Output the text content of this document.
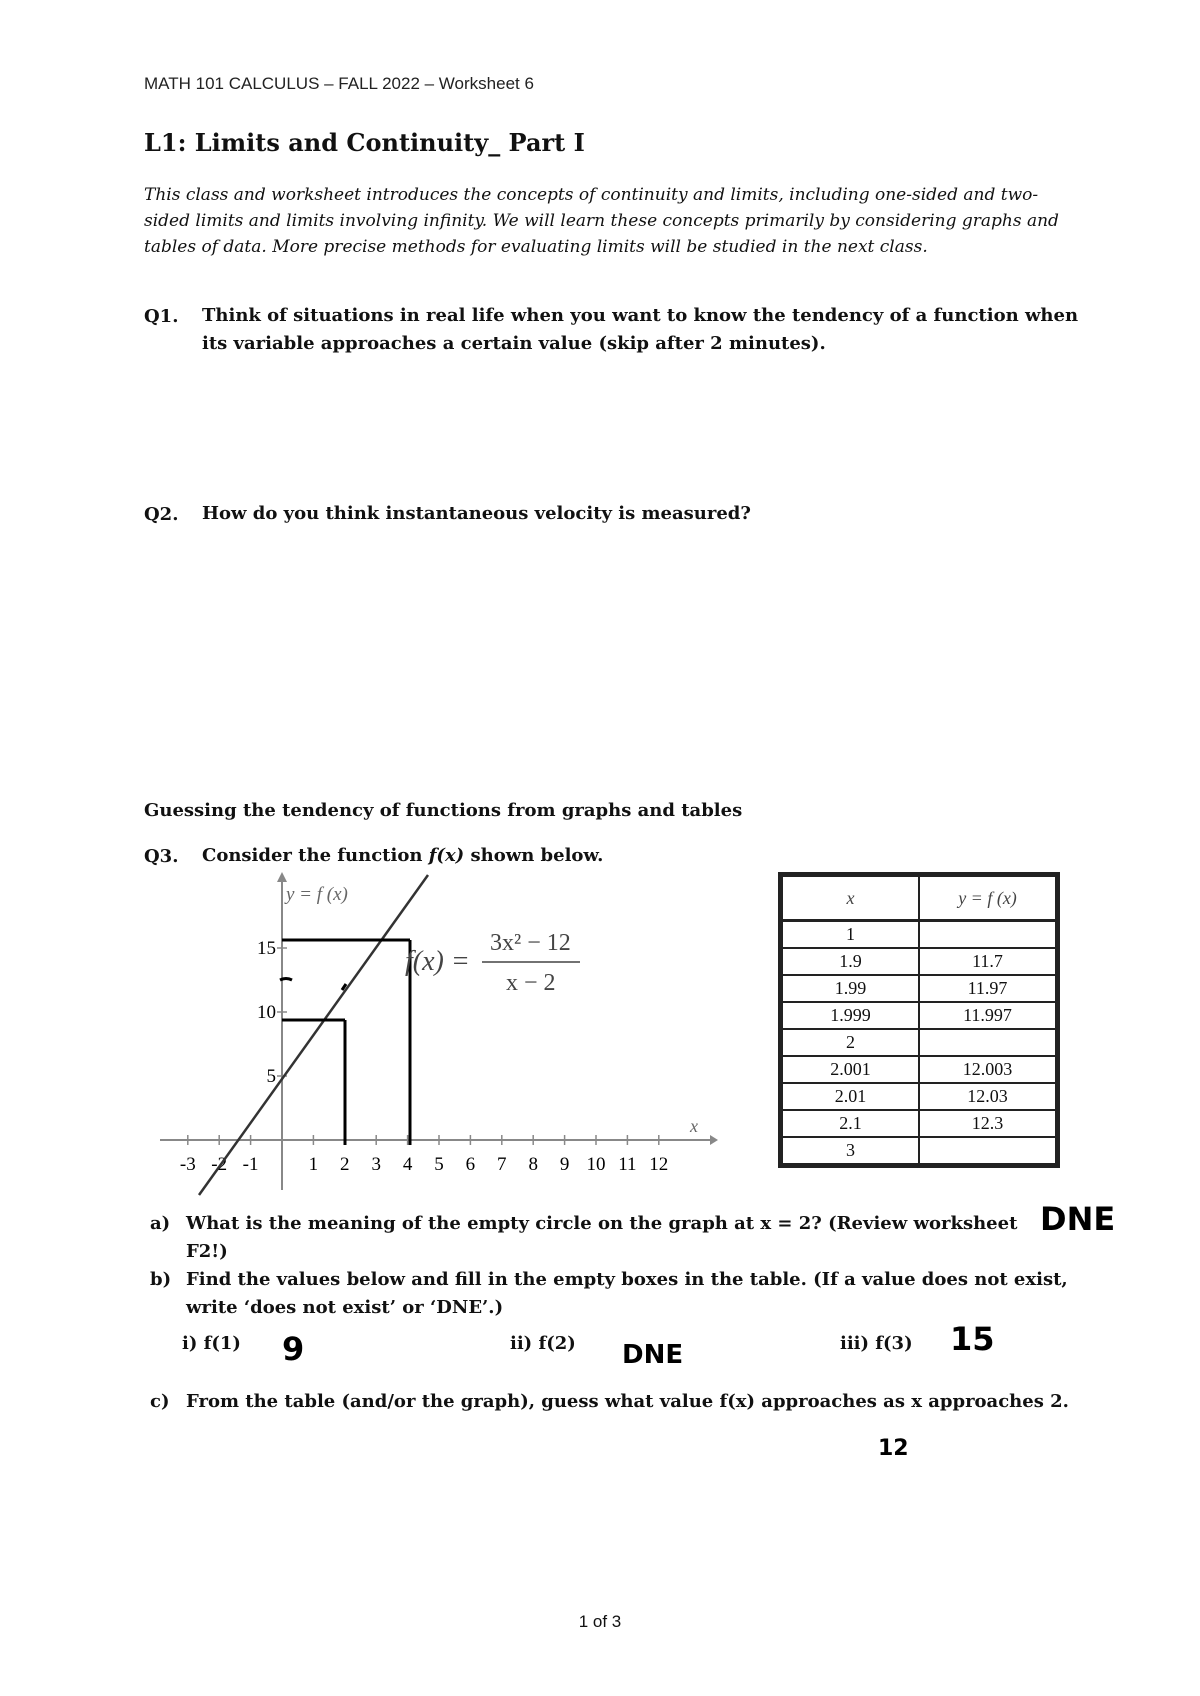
MATH 101 CALCULUS – FALL 2022 – Worksheet 6
L1: Limits and Continuity_ Part I
This class and worksheet introduces the concepts of continuity and limits, including one-sided and two-sided limits and limits involving infinity. We will learn these concepts primarily by considering graphs and tables of data. More precise methods for evaluating limits will be studied in the next class.
Q1. Think of situations in real life when you want to know the tendency of a function when its variable approaches a certain value (skip after 2 minutes).
Q2. How do you think instantaneous velocity is measured?
Guessing the tendency of functions from graphs and tables
Q3. Consider the function f(x) shown below.
-3 -2 -1	1 2 3 4 5 6 7 8 9 10 11 12
5
10
15
y = f (x)
x
f(x) =
3x² − 12
x − 2
x	y = f (x)
1	
1.9	11.7
1.99	11.97
1.999	11.997
2	
2.001	12.003
2.01	12.03
2.1	12.3
3	
DNE
a) What is the meaning of the empty circle on the graph at x = 2? (Review worksheet F2!)
b) Find the values below and fill in the empty boxes in the table. (If a value does not exist, write ‘does not exist’ or ‘DNE’.)
i) f(1) 9	ii) f(2) DNE	iii) f(3) 15
c) From the table (and/or the graph), guess what value f(x) approaches as x approaches 2.
12
1 of 3
